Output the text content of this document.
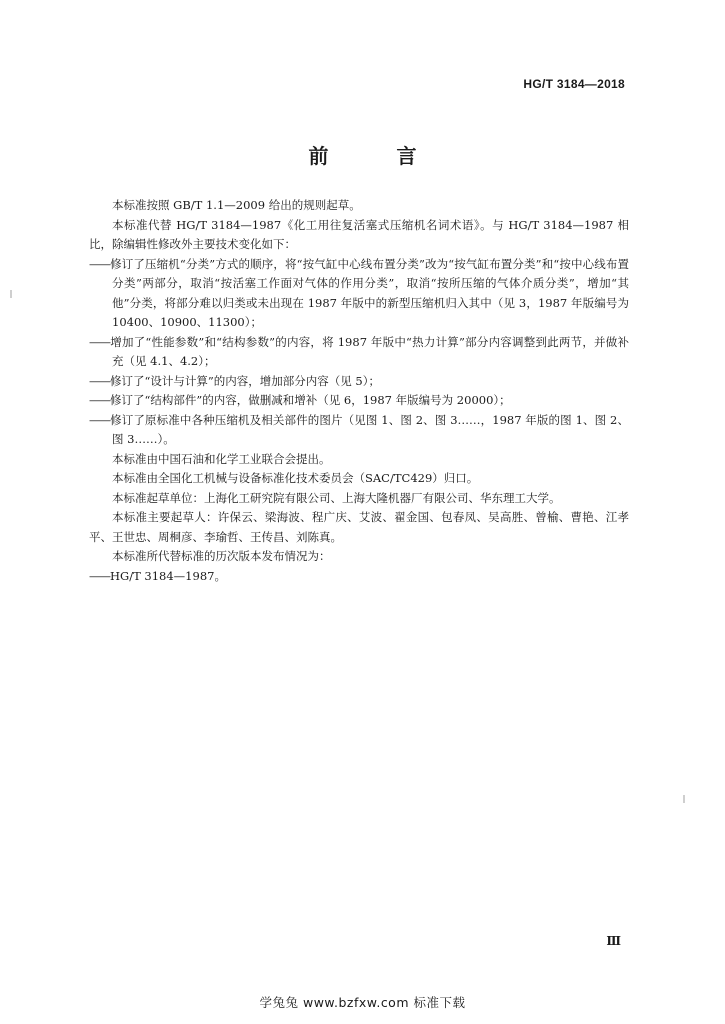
HG/T 3184—2018
前　言

本标准按照 GB/T 1.1—2009 给出的规则起草。

本标准代替 HG/T 3184—1987《化工用往复活塞式压缩机名词术语》。与 HG/T 3184—1987 相比，除编辑性修改外主要技术变化如下：

——修订了压缩机“分类”方式的顺序，将“按气缸中心线布置分类”改为“按气缸布置分类”和“按中心线布置分类”两部分，取消“按活塞工作面对气体的作用分类”，取消“按所压缩的气体介质分类”，增加“其他”分类，将部分难以归类或未出现在 1987 年版中的新型压缩机归入其中（见 3，1987 年版编号为 10400、10900、11300）；

——增加了“性能参数”和“结构参数”的内容，将 1987 年版中“热力计算”部分内容调整到此两节，并做补充（见 4.1、4.2）；

——修订了“设计与计算”的内容，增加部分内容（见 5）；

——修订了“结构部件”的内容，做删减和增补（见 6，1987 年版编号为 20000）；

——修订了原标准中各种压缩机及相关部件的图片（见图 1、图 2、图 3……，1987 年版的图 1、图 2、图 3……）。

本标准由中国石油和化学工业联合会提出。

本标准由全国化工机械与设备标准化技术委员会（SAC/TC429）归口。

本标准起草单位：上海化工研究院有限公司、上海大隆机器厂有限公司、华东理工大学。

本标准主要起草人：许保云、梁海波、程广庆、艾波、翟金国、包春凤、吴高胜、曾榆、曹艳、江孝平、王世忠、周桐彦、李瑜哲、王传昌、刘陈真。

本标准所代替标准的历次版本发布情况为：

——HG/T 3184—1987。

Ⅲ
学兔兔 www.bzfxw.com 标准下载
